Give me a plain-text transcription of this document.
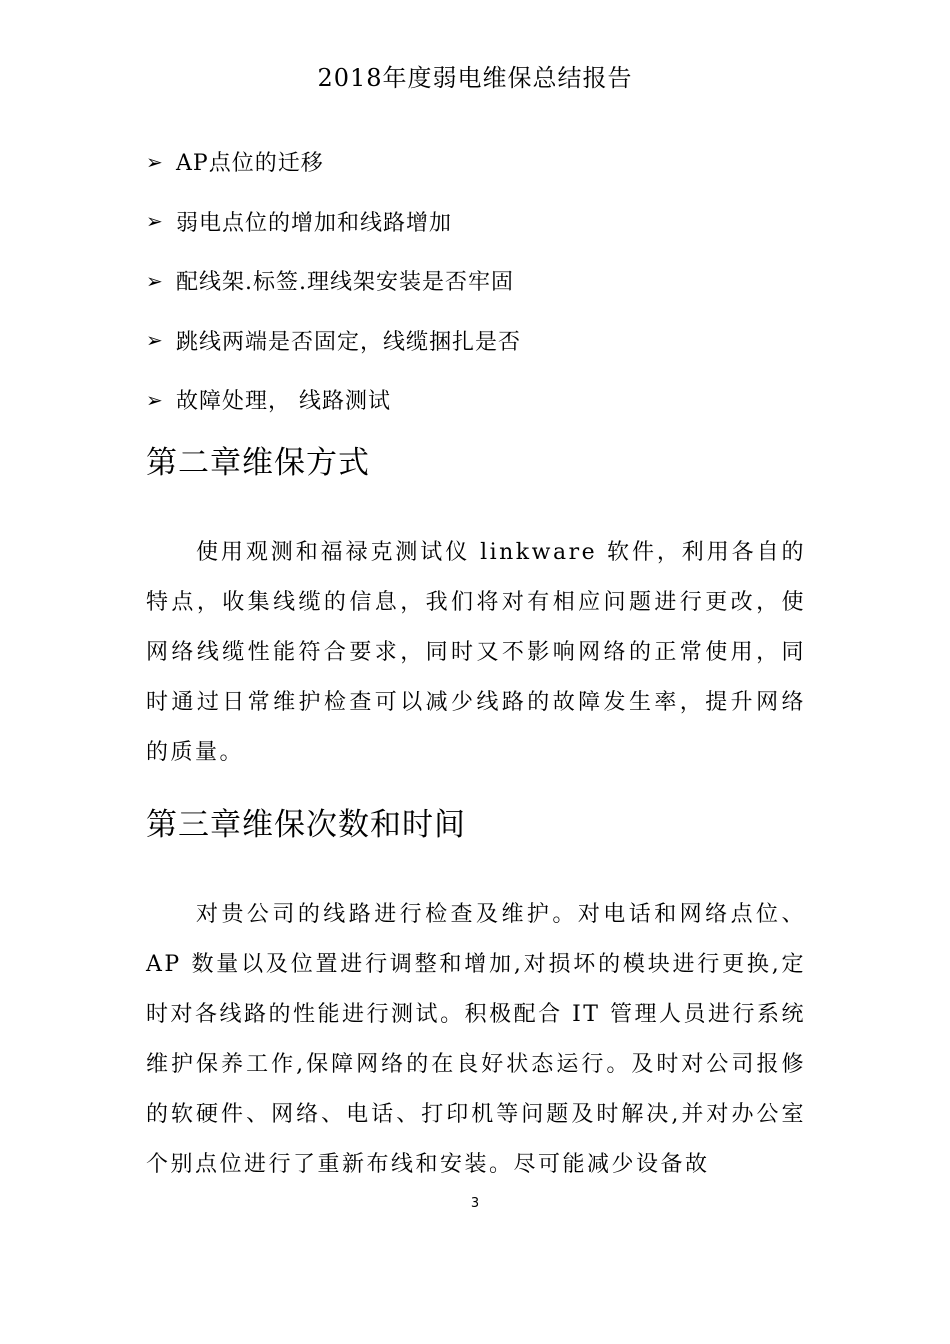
2018年度弱电维保总结报告
➢ AP点位的迁移
➢ 弱电点位的增加和线路增加
➢ 配线架.标签.理线架安装是否牢固
➢ 跳线两端是否固定，线缆捆扎是否
➢ 故障处理， 线路测试
第二章维保方式

使用观测和福禄克测试仪 linkware 软件，利用各自的特点，收集线缆的信息，我们将对有相应问题进行更改，使网络线缆性能符合要求，同时又不影响网络的正常使用，同时通过日常维护检查可以减少线路的故障发生率，提升网络的质量。

第三章维保次数和时间

对贵公司的线路进行检查及维护。对电话和网络点位、AP 数量以及位置进行调整和增加,对损坏的模块进行更换,定时对各线路的性能进行测试。积极配合 IT 管理人员进行系统维护保养工作,保障网络的在良好状态运行。及时对公司报修的软硬件、网络、电话、打印机等问题及时解决,并对办公室个别点位进行了重新布线和安装。尽可能减少设备故

3
